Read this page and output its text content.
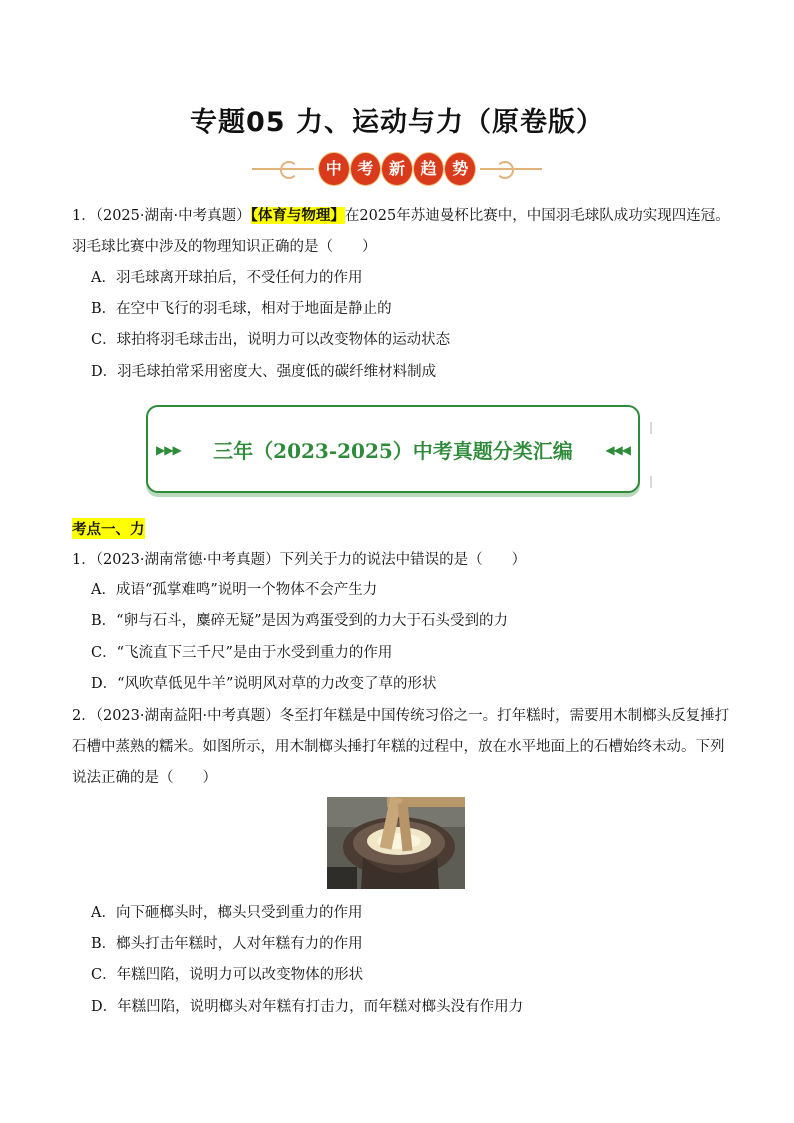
专题05 力、运动与力（原卷版）
中 考 新 趋 势
1．（2025·湖南·中考真题）【体育与物理】在2025年苏迪曼杯比赛中，中国羽毛球队成功实现四连冠。羽毛球比赛中涉及的物理知识正确的是（　　）
A．羽毛球离开球拍后，不受任何力的作用
B．在空中飞行的羽毛球，相对于地面是静止的
C．球拍将羽毛球击出，说明力可以改变物体的运动状态
D．羽毛球拍常采用密度大、强度低的碳纤维材料制成
▶▶▶	三年（2023-2025）中考真题分类汇编	◀◀◀
考点一、力
1．（2023·湖南常德·中考真题）下列关于力的说法中错误的是（　　）
A．成语“孤掌难鸣”说明一个物体不会产生力
B．“卵与石斗，麋碎无疑”是因为鸡蛋受到的力大于石头受到的力
C．“飞流直下三千尺”是由于水受到重力的作用
D．“风吹草低见牛羊”说明风对草的力改变了草的形状
2．（2023·湖南益阳·中考真题）冬至打年糕是中国传统习俗之一。打年糕时，需要用木制榔头反复捶打石槽中蒸熟的糯米。如图所示，用木制榔头捶打年糕的过程中，放在水平地面上的石槽始终未动。下列说法正确的是（　　）
A．向下砸榔头时，榔头只受到重力的作用
B．榔头打击年糕时，人对年糕有力的作用
C．年糕凹陷，说明力可以改变物体的形状
D．年糕凹陷，说明榔头对年糕有打击力，而年糕对榔头没有作用力
